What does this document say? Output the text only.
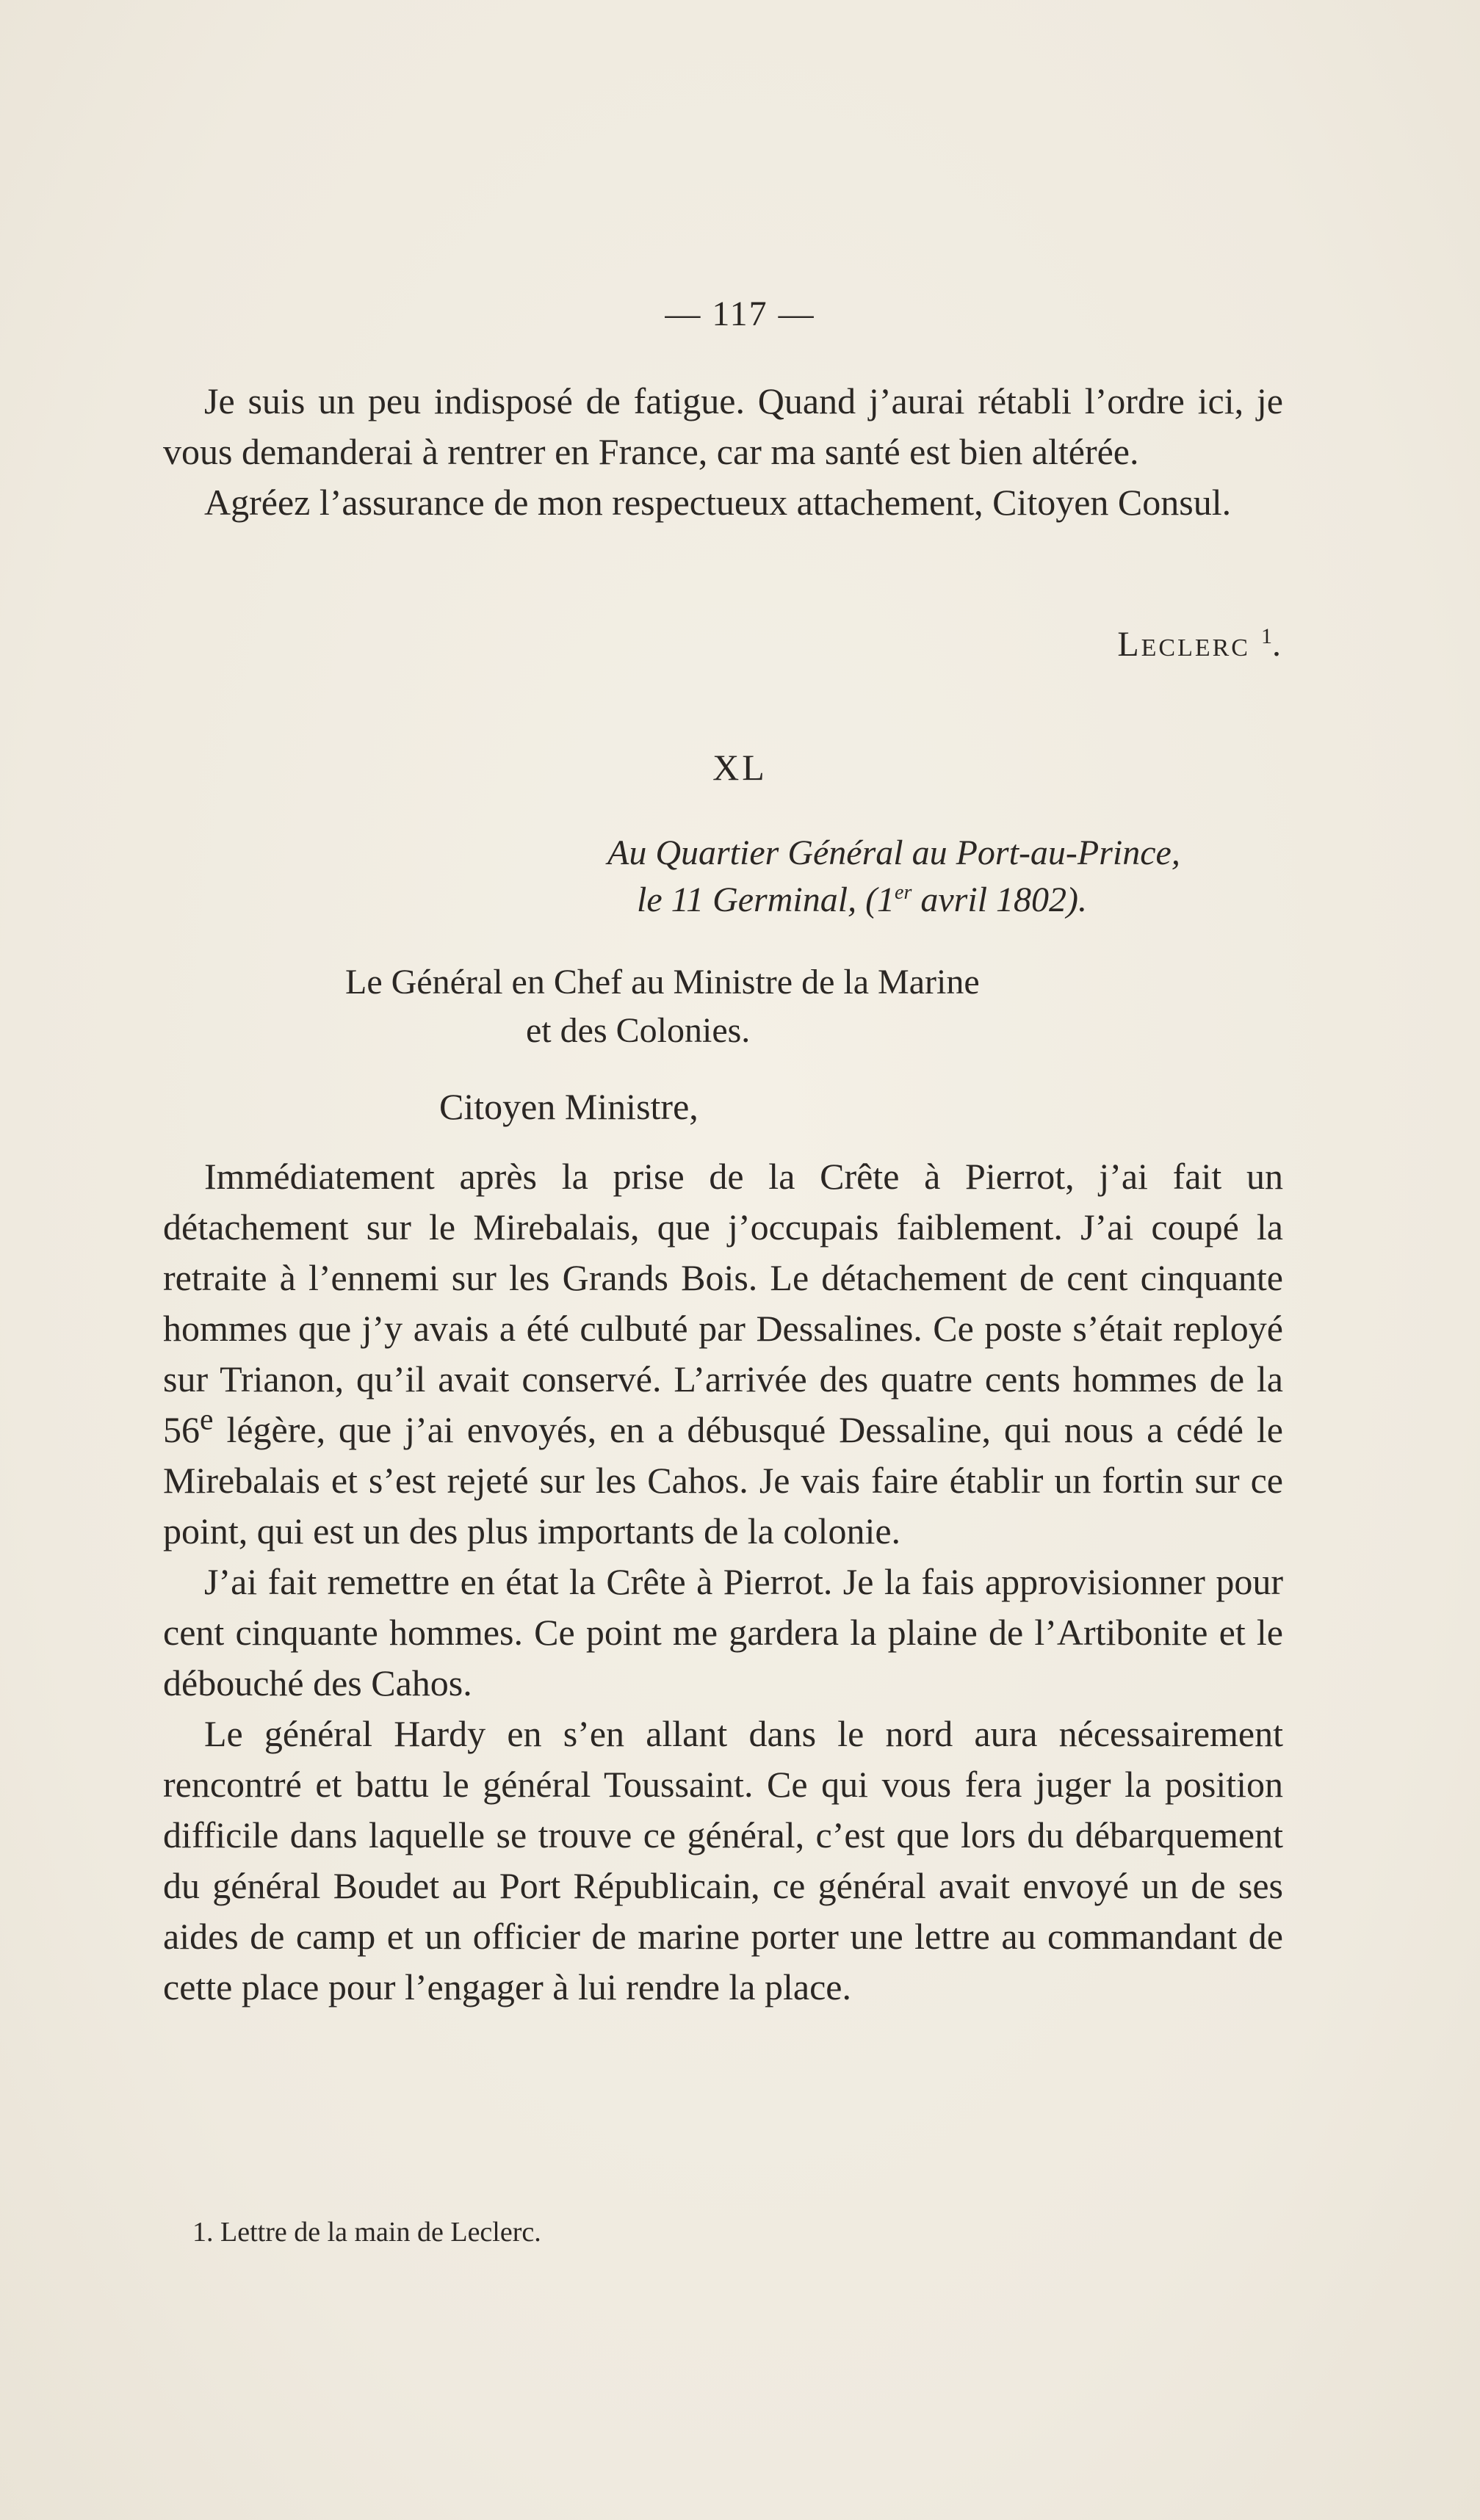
— 117 —

Je suis un peu indisposé de fatigue. Quand j’aurai rétabli l’ordre ici, je vous demanderai à rentrer en France, car ma santé est bien altérée.

Agréez l’assurance de mon respectueux attachement, Citoyen Consul.

Leclerc $^1$.
XL
Au Quartier Général au Port-au-Prince,
le 11 Germinal, (1er avril 1802).
Le Général en Chef au Ministre de la Marine
et des Colonies.
Citoyen Ministre,

Immédiatement après la prise de la Crête à Pierrot, j’ai fait un détachement sur le Mirebalais, que j’occupais faiblement. J’ai coupé la retraite à l’ennemi sur les Grands Bois. Le détachement de cent cinquante hommes que j’y avais a été culbuté par Dessalines. Ce poste s’était reployé sur Trianon, qu’il avait conservé. L’arrivée des quatre cents hommes de la 56e légère, que j’ai envoyés, en a débusqué Dessaline, qui nous a cédé le Mirebalais et s’est rejeté sur les Cahos. Je vais faire établir un fortin sur ce point, qui est un des plus importants de la colonie.

J’ai fait remettre en état la Crête à Pierrot. Je la fais approvisionner pour cent cinquante hommes. Ce point me gardera la plaine de l’Artibonite et le débouché des Cahos.

Le général Hardy en s’en allant dans le nord aura nécessairement rencontré et battu le général Toussaint. Ce qui vous fera juger la position difficile dans laquelle se trouve ce général, c’est que lors du débarquement du général Boudet au Port Républicain, ce général avait envoyé un de ses aides de camp et un officier de marine porter une lettre au commandant de cette place pour l’engager à lui rendre la place.

1. Lettre de la main de Leclerc.
